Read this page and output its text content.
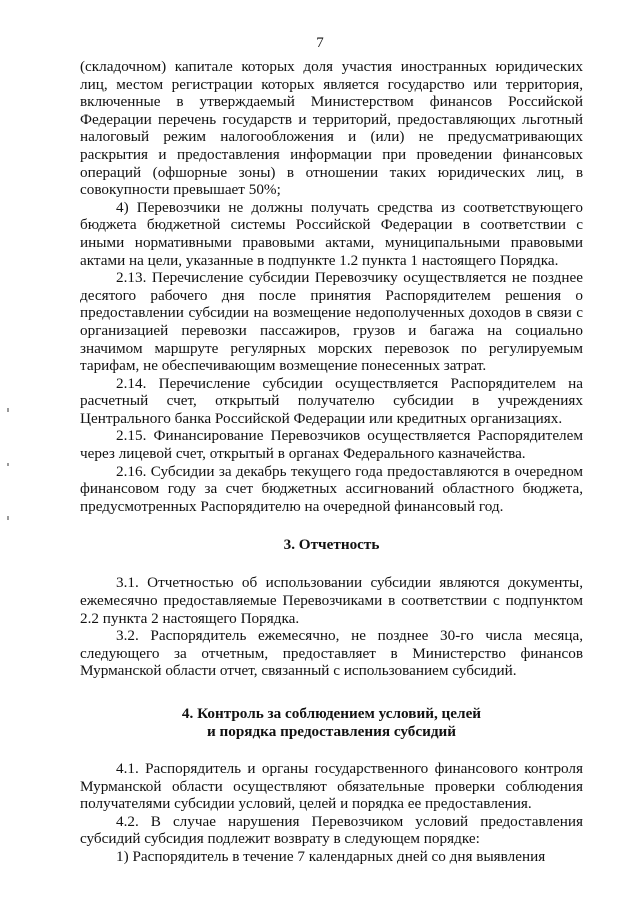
7

(складочном) капитале которых доля участия иностранных юридических лиц, местом регистрации которых является государство или территория, включенные в утверждаемый Министерством финансов Российской Федерации перечень государств и территорий, предоставляющих льготный налоговый режим налогообложения и (или) не предусматривающих раскрытия и предоставления информации при проведении финансовых операций (офшорные зоны) в отношении таких юридических лиц, в совокупности превышает 50%;

4) Перевозчики не должны получать средства из соответствующего бюджета бюджетной системы Российской Федерации в соответствии с иными нормативными правовыми актами, муниципальными правовыми актами на цели, указанные в подпункте 1.2 пункта 1 настоящего Порядка.

2.13. Перечисление субсидии Перевозчику осуществляется не позднее десятого рабочего дня после принятия Распорядителем решения о предоставлении субсидии на возмещение недополученных доходов в связи с организацией перевозки пассажиров, грузов и багажа на социально значимом маршруте регулярных морских перевозок по регулируемым тарифам, не обеспечивающим возмещение понесенных затрат.

2.14. Перечисление субсидии осуществляется Распорядителем на расчетный счет, открытый получателю субсидии в учреждениях Центрального банка Российской Федерации или кредитных организациях.

2.15. Финансирование Перевозчиков осуществляется Распорядителем через лицевой счет, открытый в органах Федерального казначейства.

2.16. Субсидии за декабрь текущего года предоставляются в очередном финансовом году за счет бюджетных ассигнований областного бюджета, предусмотренных Распорядителю на очередной финансовый год.

3. Отчетность

3.1. Отчетностью об использовании субсидии являются документы, ежемесячно предоставляемые Перевозчиками в соответствии с подпунктом 2.2 пункта 2 настоящего Порядка.

3.2. Распорядитель ежемесячно, не позднее 30-го числа месяца, следующего за отчетным, предоставляет в Министерство финансов Мурманской области отчет, связанный с использованием субсидий.

4. Контроль за соблюдением условий, целей
и порядка предоставления субсидий

4.1. Распорядитель и органы государственного финансового контроля Мурманской области осуществляют обязательные проверки соблюдения получателями субсидии условий, целей и порядка ее предоставления.

4.2. В случае нарушения Перевозчиком условий предоставления субсидий субсидия подлежит возврату в следующем порядке:

1) Распорядитель в течение 7 календарных дней со дня выявления
